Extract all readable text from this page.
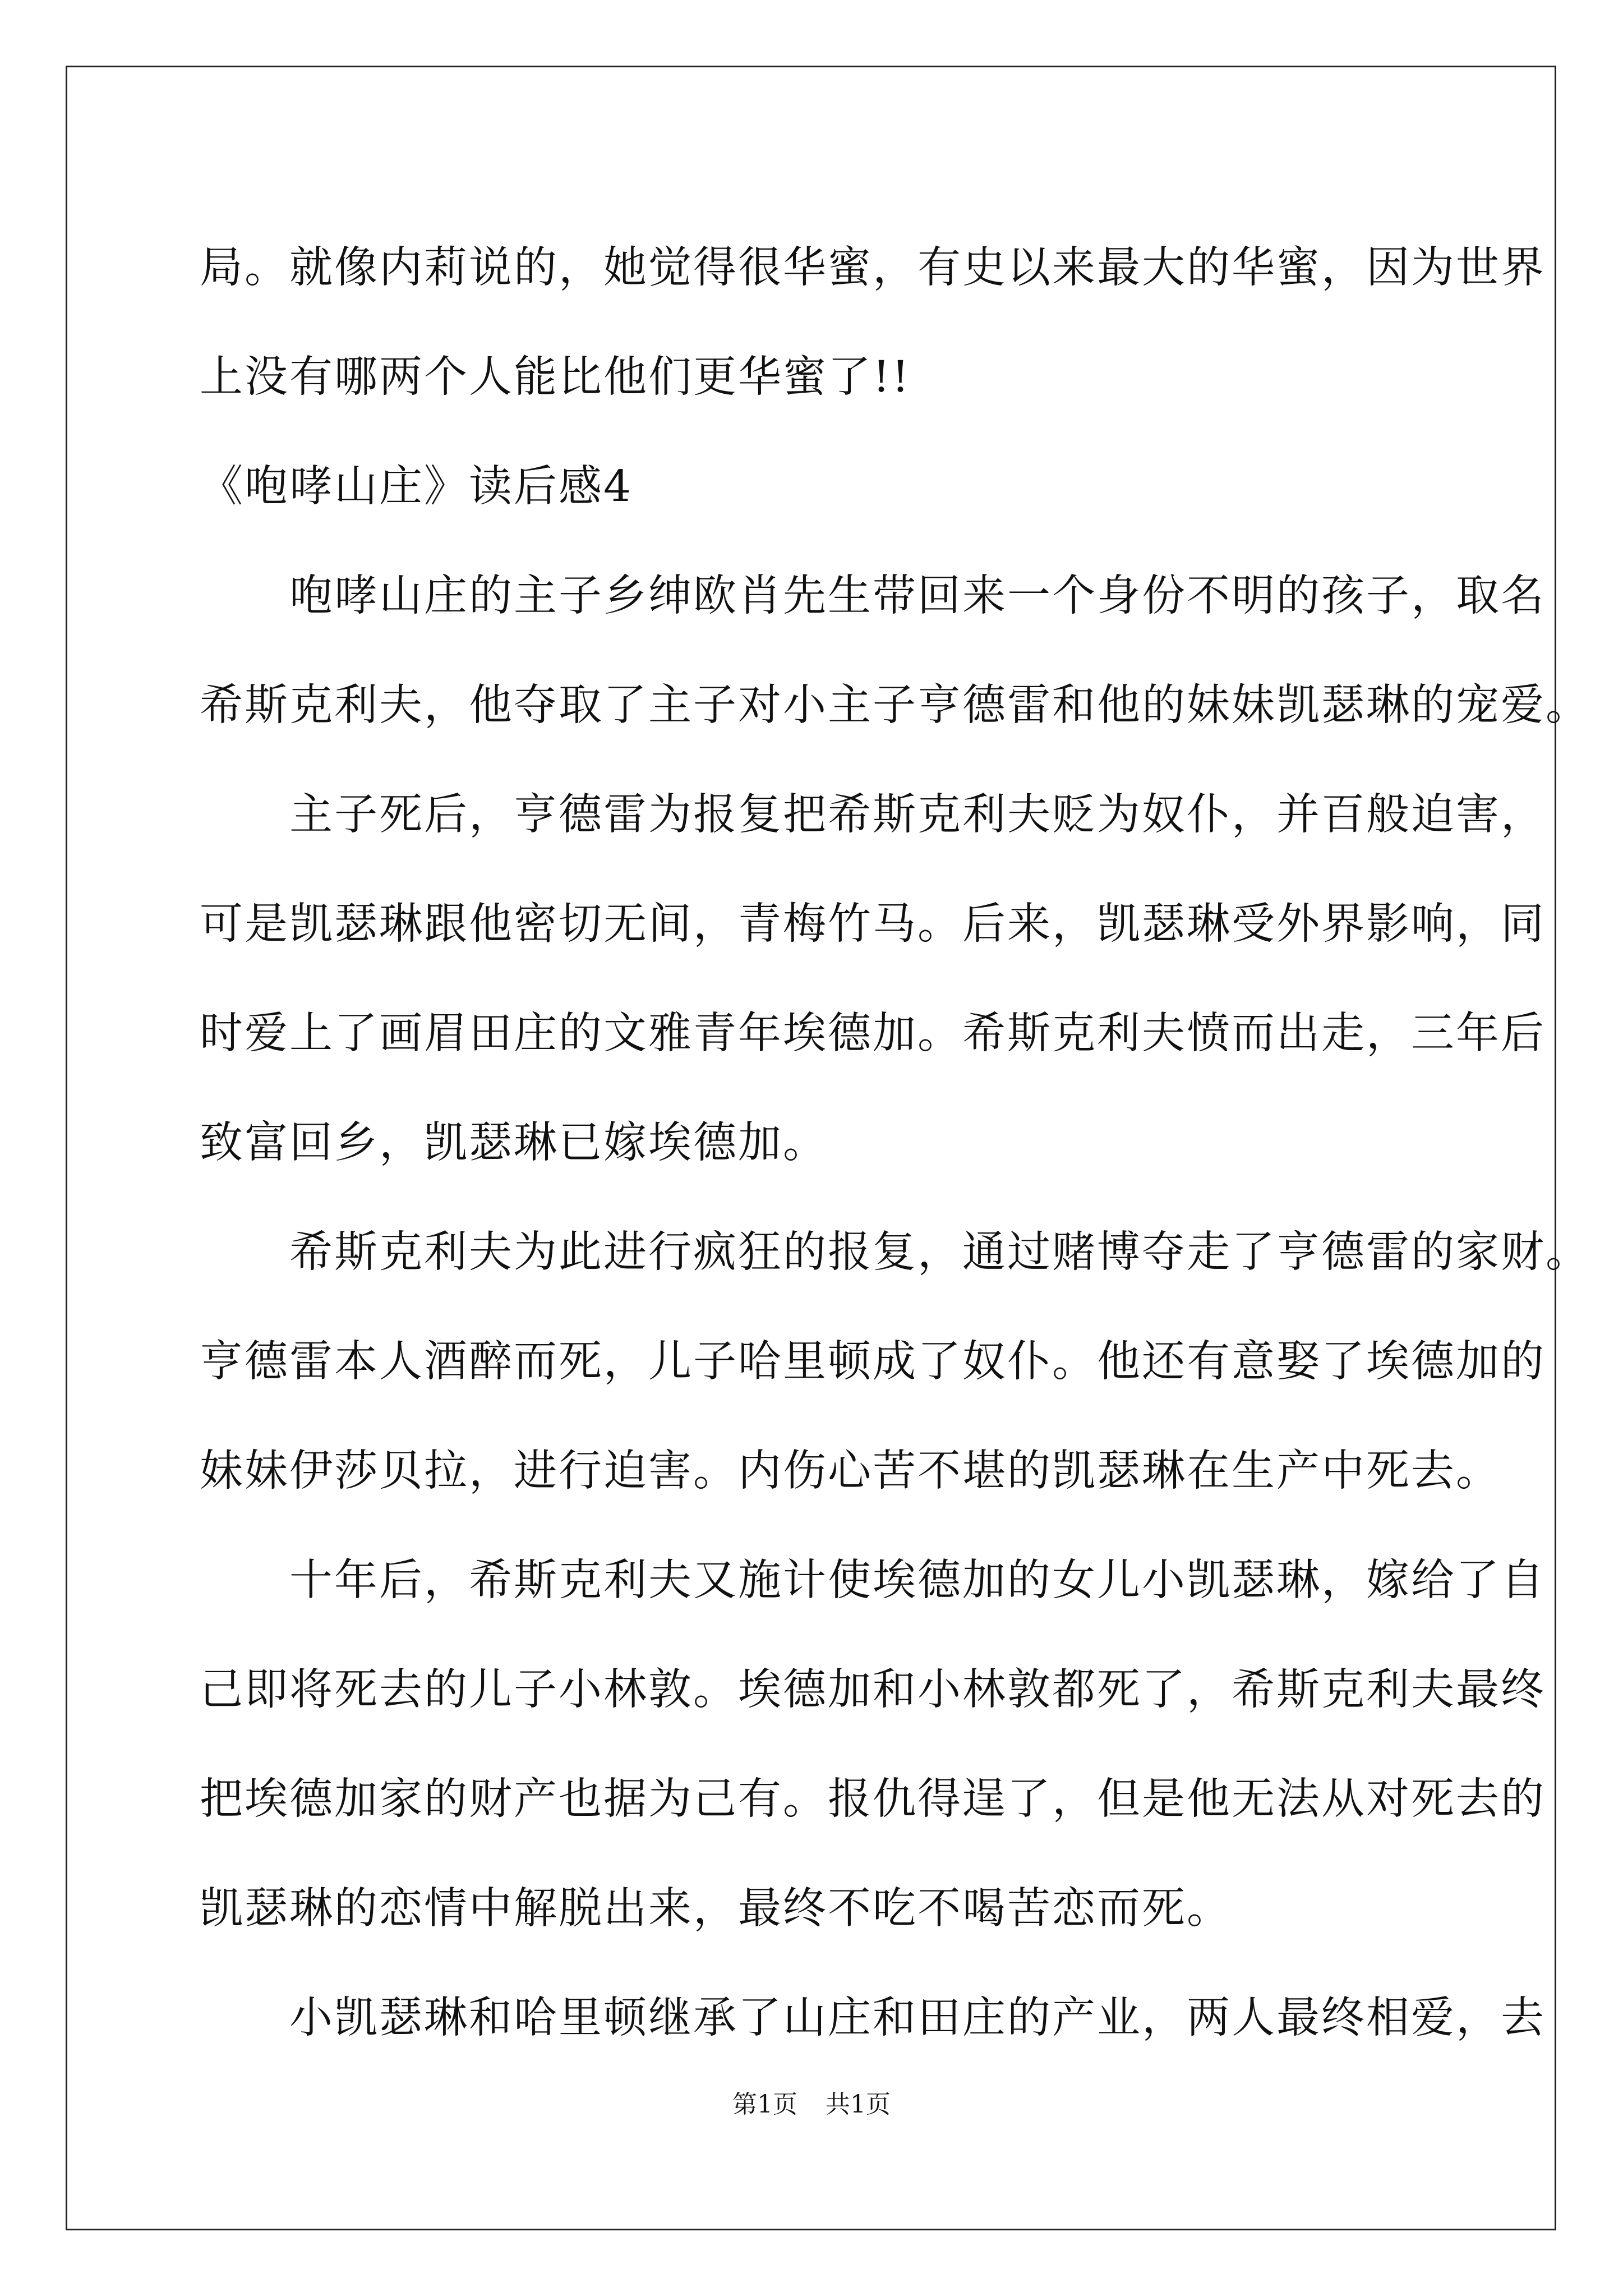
局。就像内莉说的，她觉得很华蜜，有史以来最大的华蜜，因为世界
上没有哪两个人能比他们更华蜜了!!
《咆哮山庄》读后感4
咆哮山庄的主子乡绅欧肖先生带回来一个身份不明的孩子，取名
希斯克利夫，他夺取了主子对小主子亨德雷和他的妹妹凯瑟琳的宠爱。
主子死后，亨德雷为报复把希斯克利夫贬为奴仆，并百般迫害，
可是凯瑟琳跟他密切无间，青梅竹马。后来，凯瑟琳受外界影响，同
时爱上了画眉田庄的文雅青年埃德加。希斯克利夫愤而出走，三年后
致富回乡，凯瑟琳已嫁埃德加。
希斯克利夫为此进行疯狂的报复，通过赌博夺走了亨德雷的家财。
亨德雷本人酒醉而死，儿子哈里顿成了奴仆。他还有意娶了埃德加的
妹妹伊莎贝拉，进行迫害。内伤心苦不堪的凯瑟琳在生产中死去。
十年后，希斯克利夫又施计使埃德加的女儿小凯瑟琳，嫁给了自
己即将死去的儿子小林敦。埃德加和小林敦都死了，希斯克利夫最终
把埃德加家的财产也据为己有。报仇得逞了，但是他无法从对死去的
凯瑟琳的恋情中解脱出来，最终不吃不喝苦恋而死。
小凯瑟琳和哈里顿继承了山庄和田庄的产业，两人最终相爱，去
第1页 共1页
